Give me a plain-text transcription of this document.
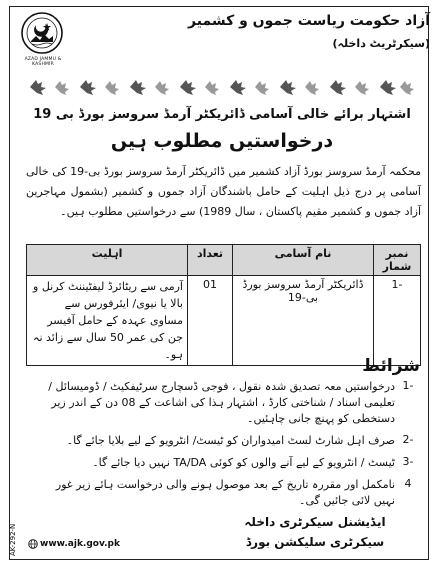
AZAD JAMMU & KASHMIR
آزاد حکومت ریاست جموں و کشمیر
(سیکرٹریٹ داخلہ)
اشتہار برائے خالی آسامی ڈائریکٹر آرمڈ سروسز بورڈ بی 19
درخواستیں مطلوب ہیں
محکمہ آرمڈ سروسز بورڈ آزاد کشمیر میں ڈائریکٹر آرمڈ سروسز بورڈ بی-19 کی خالی آسامی پر درج ذیل اہلیت کے حامل باشندگان آزاد جموں و کشمیر (بشمول مہاجرین آزاد جموں و کشمیر مقیم پاکستان ، سال 1989) سے درخواستیں مطلوب ہیں۔
نمبر شمار	نام آسامی	تعداد	اہلیت
-1	ڈائریکٹر آرمڈ سروسز بورڈ بی-19	01	آرمی سے ریٹائرڈ لیفٹیننٹ کرنل و بالا یا نیوی/ ایئرفورس سے مساوی عہدہ کے حامل آفیسر جن کی عمر 50 سال سے زائد نہ ہو۔
شرائط
-1
درخواستیں معہ تصدیق شدہ نقول ، فوجی ڈسچارج سرٹیفکیٹ / ڈومیسائل / تعلیمی اسناد / شناختی کارڈ ، اشتہار ہذا کی اشاعت کے 08 دن کے اندر زیر دستخطی کو پہنچ جانی چاہئیں۔
-2
صرف اہل شارٹ لسٹ امیدواران کو ٹیسٹ/ انٹرویو کے لیے بلایا جائے گا۔
-3
ٹیسٹ / انٹرویو کے لیے آنے والوں کو کوئی TA/DA نہیں دیا جائے گا۔
4
نامکمل اور مقررہ تاریخ کے بعد موصول ہونے والی درخواست ہائے زیر غور نہیں لائی جائیں گی۔
ایڈیشنل سیکرٹری داخلہ
سیکرٹری سلیکشن بورڈ
www.ajk.gov.pk
AK-292-N
